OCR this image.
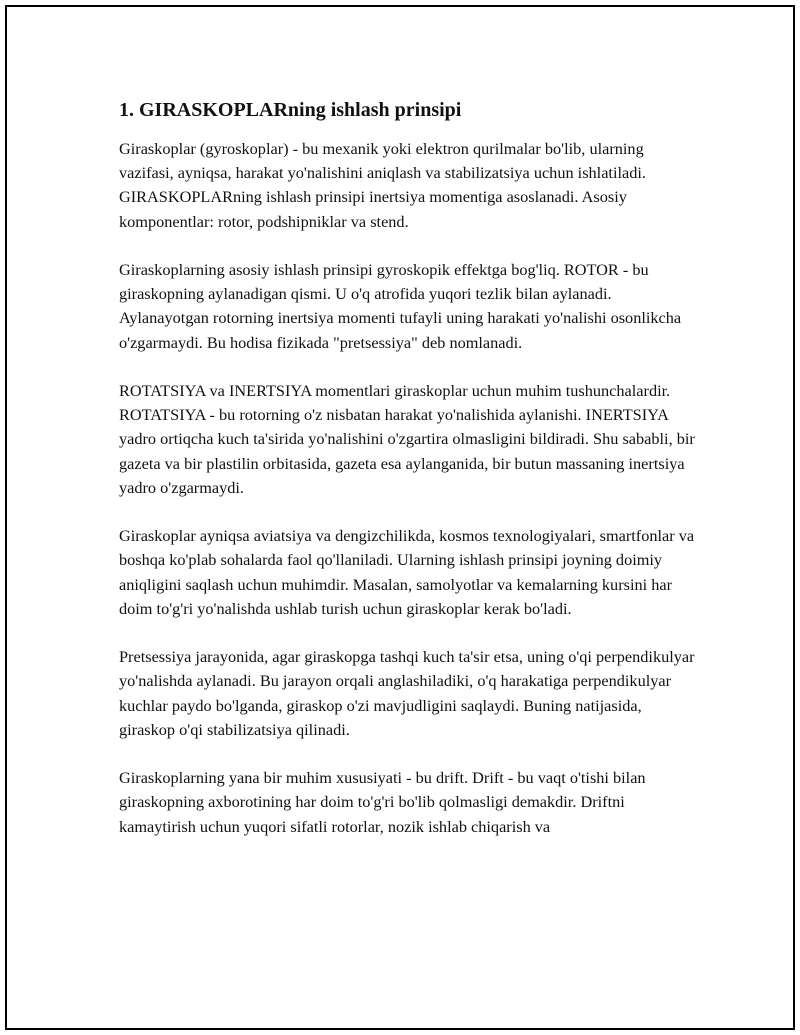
1. GIRASKOPLARning ishlash prinsipi

Giraskoplar (gyroskoplar) - bu mexanik yoki elektron qurilmalar bo'lib, ularning vazifasi, ayniqsa, harakat yo'nalishini aniqlash va stabilizatsiya uchun ishlatiladi. GIRASKOPLARning ishlash prinsipi inertsiya momentiga asoslanadi. Asosiy komponentlar: rotor, podshipniklar va stend.

Giraskoplarning asosiy ishlash prinsipi gyroskopik effektga bog'liq. ROTOR - bu giraskopning aylanadigan qismi. U o'q atrofida yuqori tezlik bilan aylanadi. Aylanayotgan rotorning inertsiya momenti tufayli uning harakati yo'nalishi osonlikcha o'zgarmaydi. Bu hodisa fizikada "pretsessiya" deb nomlanadi.

ROTATSIYA va INERTSIYA momentlari giraskoplar uchun muhim tushunchalardir. ROTATSIYA - bu rotorning o'z nisbatan harakat yo'nalishida aylanishi. INERTSIYA yadro ortiqcha kuch ta'sirida yo'nalishini o'zgartira olmasligini bildiradi. Shu sababli, bir gazeta va bir plastilin orbitasida, gazeta esa aylanganida, bir butun massaning inertsiya yadro o'zgarmaydi.

Giraskoplar ayniqsa aviatsiya va dengizchilikda, kosmos texnologiyalari, smartfonlar va boshqa ko'plab sohalarda faol qo'llaniladi. Ularning ishlash prinsipi joyning doimiy aniqligini saqlash uchun muhimdir. Masalan, samolyotlar va kemalarning kursini har doim to'g'ri yo'nalishda ushlab turish uchun giraskoplar kerak bo'ladi.

Pretsessiya jarayonida, agar giraskopga tashqi kuch ta'sir etsa, uning o'qi perpendikulyar yo'nalishda aylanadi. Bu jarayon orqali anglashiladiki, o'q harakatiga perpendikulyar kuchlar paydo bo'lganda, giraskop o'zi mavjudligini saqlaydi. Buning natijasida, giraskop o'qi stabilizatsiya qilinadi.

Giraskoplarning yana bir muhim xususiyati - bu drift. Drift - bu vaqt o'tishi bilan giraskopning axborotining har doim to'g'ri bo'lib qolmasligi demakdir. Driftni kamaytirish uchun yuqori sifatli rotorlar, nozik ishlab chiqarish va
